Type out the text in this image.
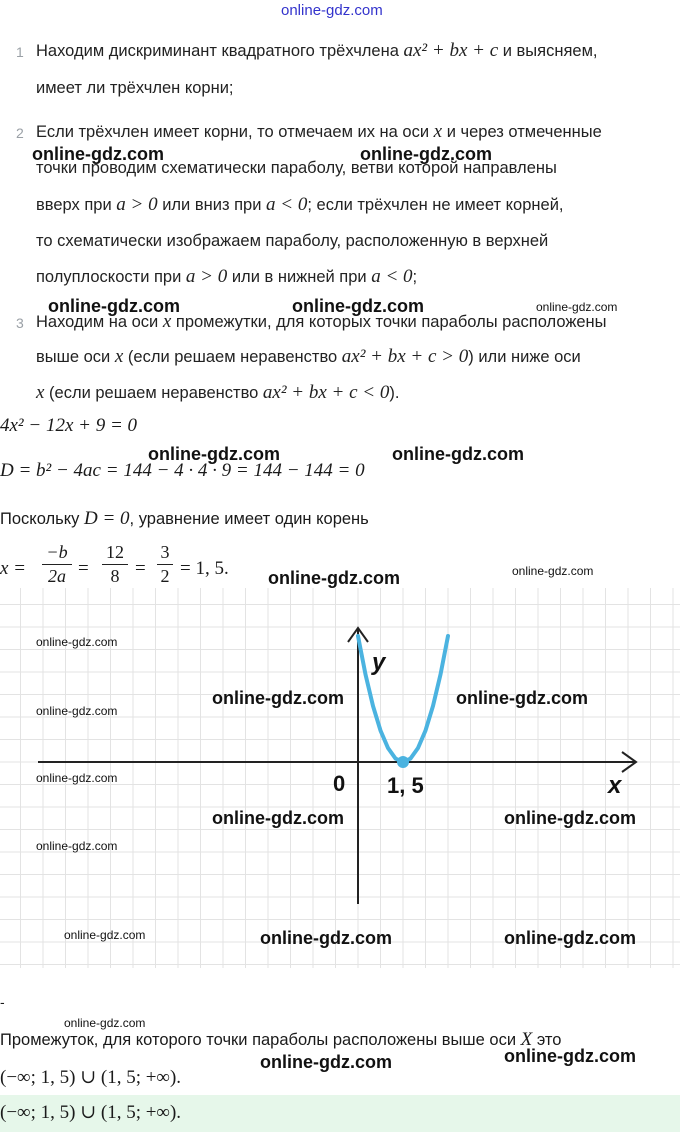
online-gdz.com
1 Находим дискриминант квадратного трёхчлена ax² + bx + c и выясняем,
имеет ли трёхчлен корни;
2 Если трёхчлен имеет корни, то отмечаем их на оси x и через отмеченные
точки проводим схематически параболу, ветви которой направлены
вверх при a > 0 или вниз при a < 0; если трёхчлен не имеет корней,
то схематически изображаем параболу, расположенную в верхней
полуплоскости при a > 0 или в нижней при a < 0;
3 Находим на оси x промежутки, для которых точки параболы расположены
выше оси x (если решаем неравенство ax² + bx + c > 0) или ниже оси
x (если решаем неравенство ax² + bx + c < 0).
4x² − 12x + 9 = 0
D = b² − 4ac = 144 − 4 · 4 · 9 = 144 − 144 = 0
Поскольку D = 0, уравнение имеет один корень
x =
−b
2a =
12
8 =
3
2 = 1, 5.
x
y
0 1, 5
-
Промежуток, для которого точки параболы расположены выше оси X это
(−∞; 1, 5) ∪ (1, 5; +∞).
(−∞; 1, 5) ∪ (1, 5; +∞).
online-gdz.com	online-gdz.com
online-gdz.com	online-gdz.com	online-gdz.com
online-gdz.com	online-gdz.com
online-gdz.com	online-gdz.com
online-gdz.com
online-gdz.com	online-gdz.com
online-gdz.com
online-gdz.com
online-gdz.com	online-gdz.com
online-gdz.com
online-gdz.com	online-gdz.com	online-gdz.com
online-gdz.com
online-gdz.com	online-gdz.com
